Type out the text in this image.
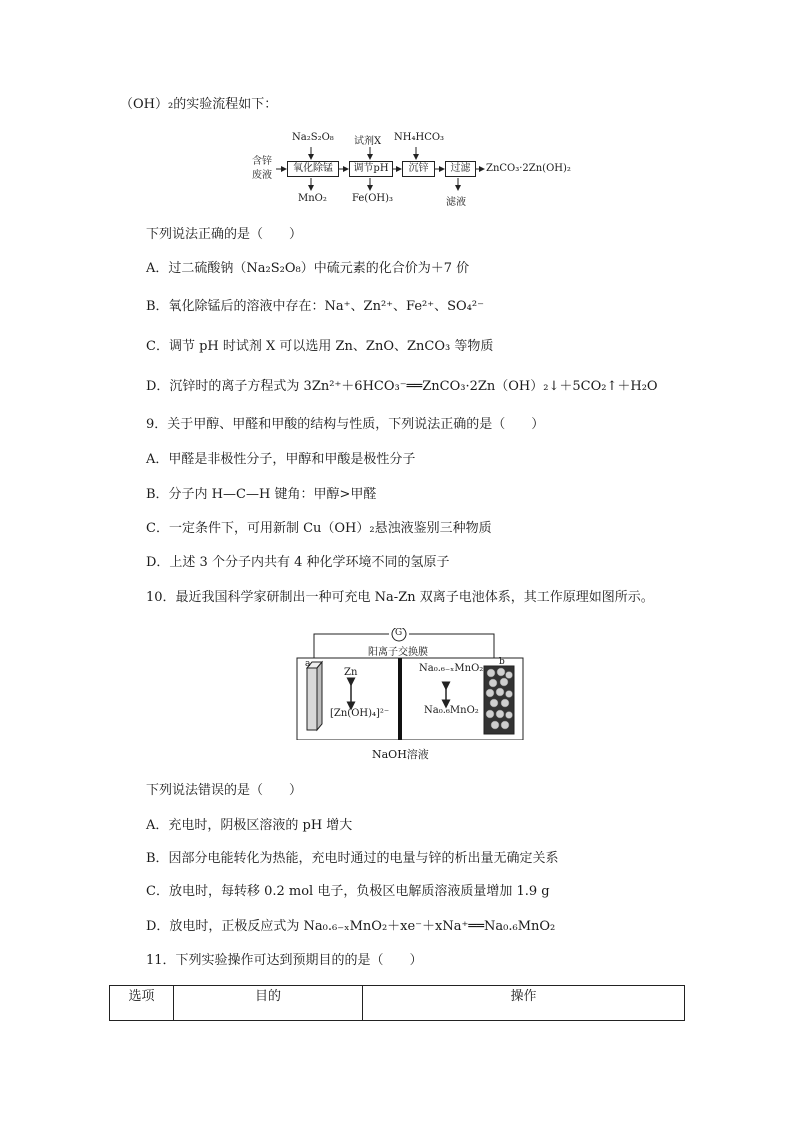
（OH）₂的实验流程如下：
Na₂S₂O₈ 试剂X NH₄HCO₃
含锌
废液
氧化除锰	调节pH	沉锌	过滤	ZnCO₃·2Zn(OH)₂
MnO₂	Fe(OH)₃	滤液
下列说法正确的是（　　）
A．过二硫酸钠（Na₂S₂O₈）中硫元素的化合价为＋7 价
B．氧化除锰后的溶液中存在：Na⁺、Zn²⁺、Fe²⁺、SO₄²⁻
C．调节 pH 时试剂 X 可以选用 Zn、ZnO、ZnCO₃ 等物质
D．沉锌时的离子方程式为 3Zn²⁺＋6HCO₃⁻══ZnCO₃·2Zn（OH）₂↓＋5CO₂↑＋H₂O
9．关于甲醇、甲醛和甲酸的结构与性质，下列说法正确的是（　　）
A．甲醛是非极性分子，甲醇和甲酸是极性分子
B．分子内 H—C—H 键角：甲醇>甲醛
C．一定条件下，可用新制 Cu（OH）₂悬浊液鉴别三种物质
D．上述 3 个分子内共有 4 种化学环境不同的氢原子
10．最近我国科学家研制出一种可充电 Na-Zn 双离子电池体系，其工作原理如图所示。
G
阳离子交换膜
a	b
Zn
[Zn(OH)₄]²⁻
Na₀.₆₋ₓMnO₂
Na₀.₆MnO₂
NaOH溶液
下列说法错误的是（　　）
A．充电时，阴极区溶液的 pH 增大
B．因部分电能转化为热能，充电时通过的电量与锌的析出量无确定关系
C．放电时，每转移 0.2 mol 电子，负极区电解质溶液质量增加 1.9 g
D．放电时，正极反应式为 Na₀.₆₋ₓMnO₂＋xe⁻＋xNa⁺══Na₀.₆MnO₂
11．下列实验操作可达到预期目的的是（　　）
选项	目的	操作
